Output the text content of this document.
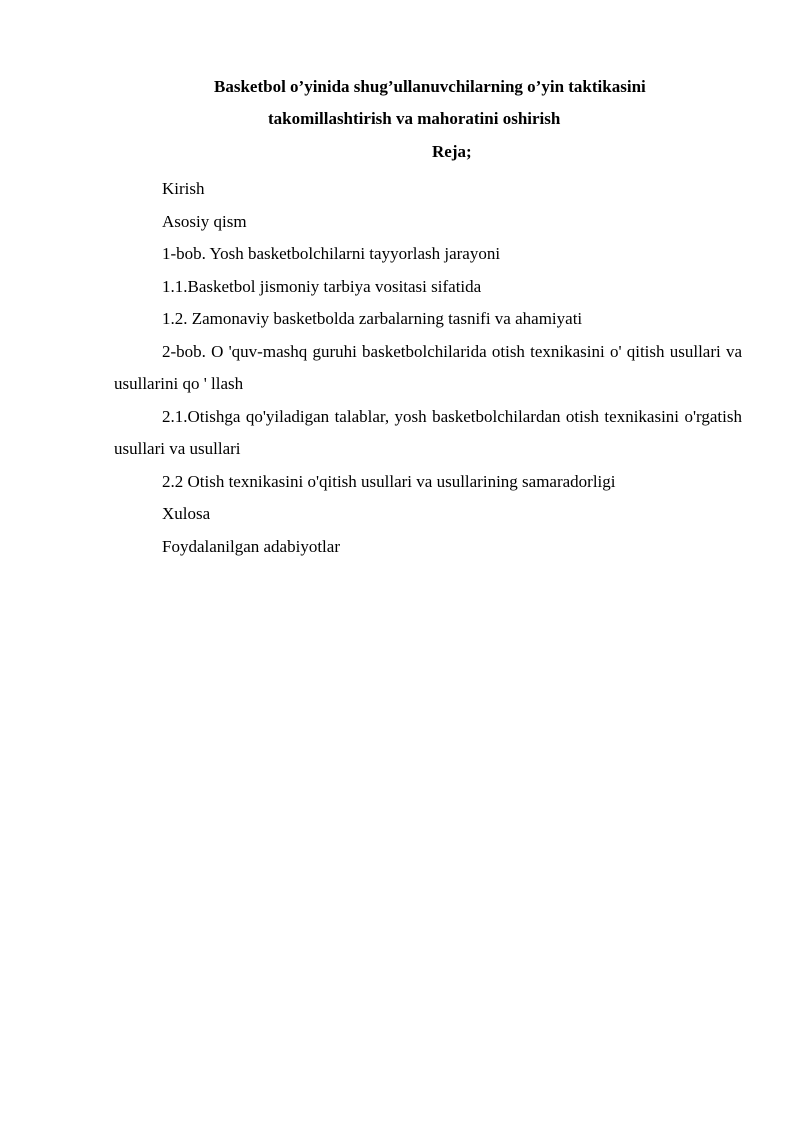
Basketbol o’yinida shug’ullanuvchilarning o’yin taktikasini
takomillashtirish va mahoratini oshirish
Reja;

Kirish

Asosiy qism

1-bob. Yosh basketbolchilarni tayyorlash jarayoni

1.1.Basketbol jismoniy tarbiya vositasi sifatida

1.2. Zamonaviy basketbolda zarbalarning tasnifi va ahamiyati

2-bob. O 'quv-mashq guruhi basketbolchilarida otish texnikasini o' qitish usullari va usullarini qo ' llash

2.1.Otishga qo'yiladigan talablar, yosh basketbolchilardan otish texnikasini o'rgatish usullari va usullari

2.2 Otish texnikasini o'qitish usullari va usullarining samaradorligi

Xulosa

Foydalanilgan adabiyotlar
